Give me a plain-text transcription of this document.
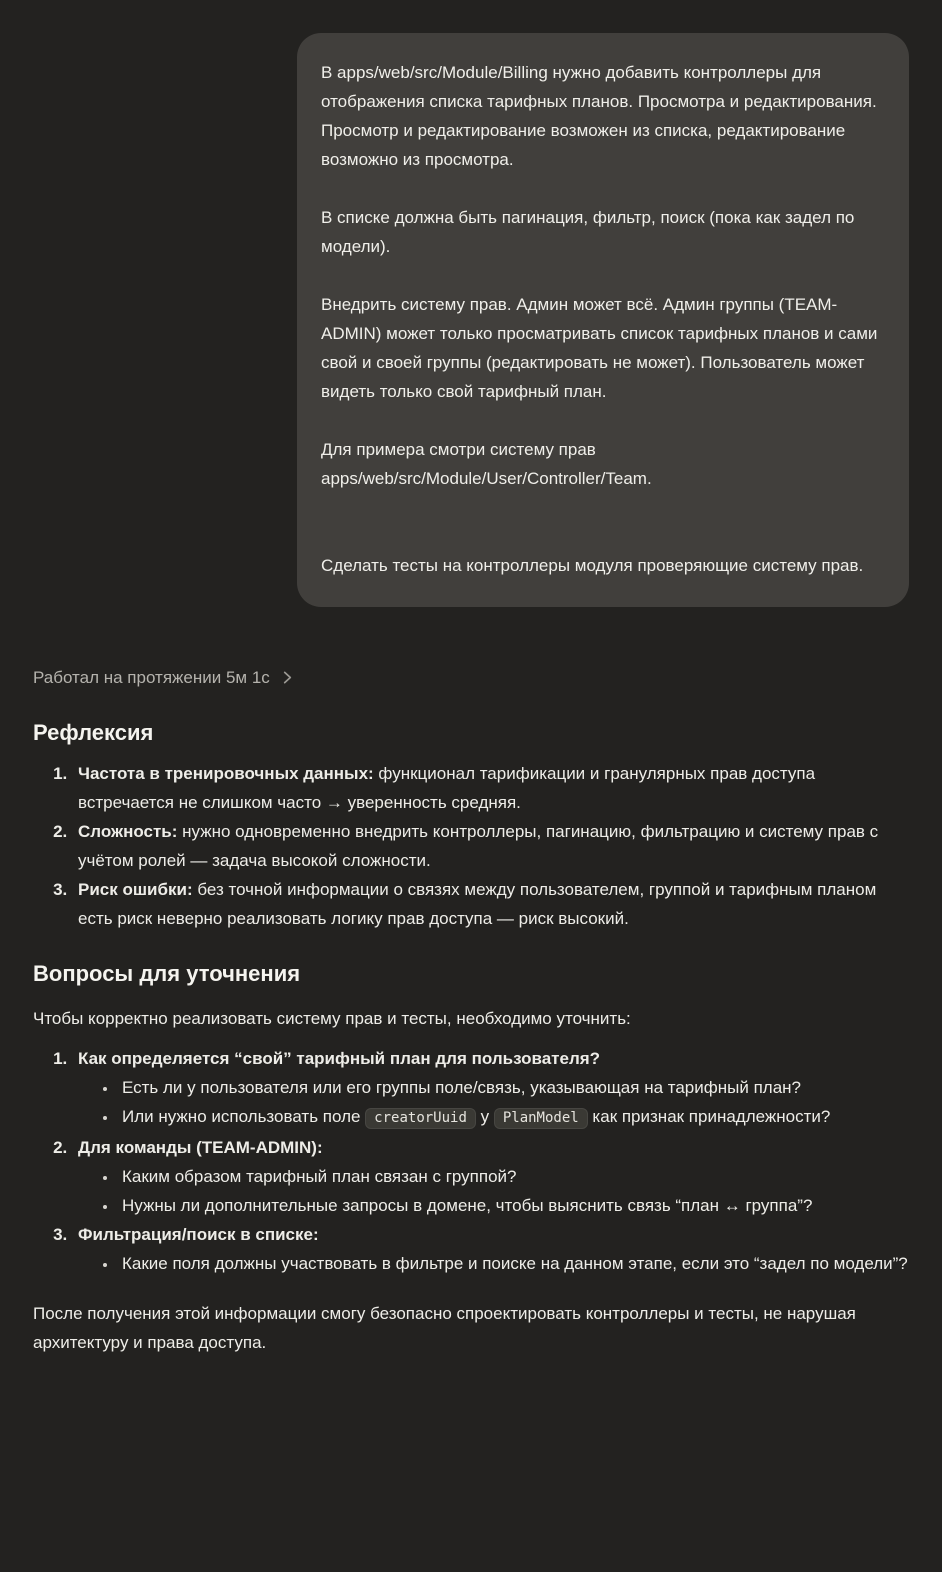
В apps/web/src/Module/Billing нужно добавить контроллеры для отображения списка тарифных планов. Просмотра и редактирования. Просмотр и редактирование возможен из списка, редактирование возможно из просмотра.

В списке должна быть пагинация, фильтр, поиск (пока как задел по модели).

Внедрить систему прав. Админ может всё. Админ группы (TEAM-ADMIN) может только просматривать список тарифных планов и сами свой и своей группы (редактировать не может). Пользователь может видеть только свой тарифный план.

Для примера смотри систему прав apps/web/src/Module/User/Controller/Team.

Сделать тесты на контроллеры модуля проверяющие систему прав.

Работал на протяжении 5м 1с
Рефлексия
1. Частота в тренировочных данных: функционал тарификации и гранулярных прав доступа встречается не слишком часто → уверенность средняя.
2. Сложность: нужно одновременно внедрить контроллеры, пагинацию, фильтрацию и систему прав с учётом ролей — задача высокой сложности.
3. Риск ошибки: без точной информации о связях между пользователем, группой и тарифным планом есть риск неверно реализовать логику прав доступа — риск высокий.
Вопросы для уточнения

Чтобы корректно реализовать систему прав и тесты, необходимо уточнить:

1. Как определяется “свой” тарифный план для пользователя?
• Есть ли у пользователя или его группы поле/связь, указывающая на тарифный план?
• Или нужно использовать поле creatorUuid у PlanModel как признак принадлежности?
2. Для команды (TEAM-ADMIN):
• Каким образом тарифный план связан с группой?
• Нужны ли дополнительные запросы в домене, чтобы выяснить связь “план ↔ группа”?
3. Фильтрация/поиск в списке:
• Какие поля должны участвовать в фильтре и поиске на данном этапе, если это “задел по модели”?

После получения этой информации смогу безопасно спроектировать контроллеры и тесты, не нарушая архитектуру и права доступа.
